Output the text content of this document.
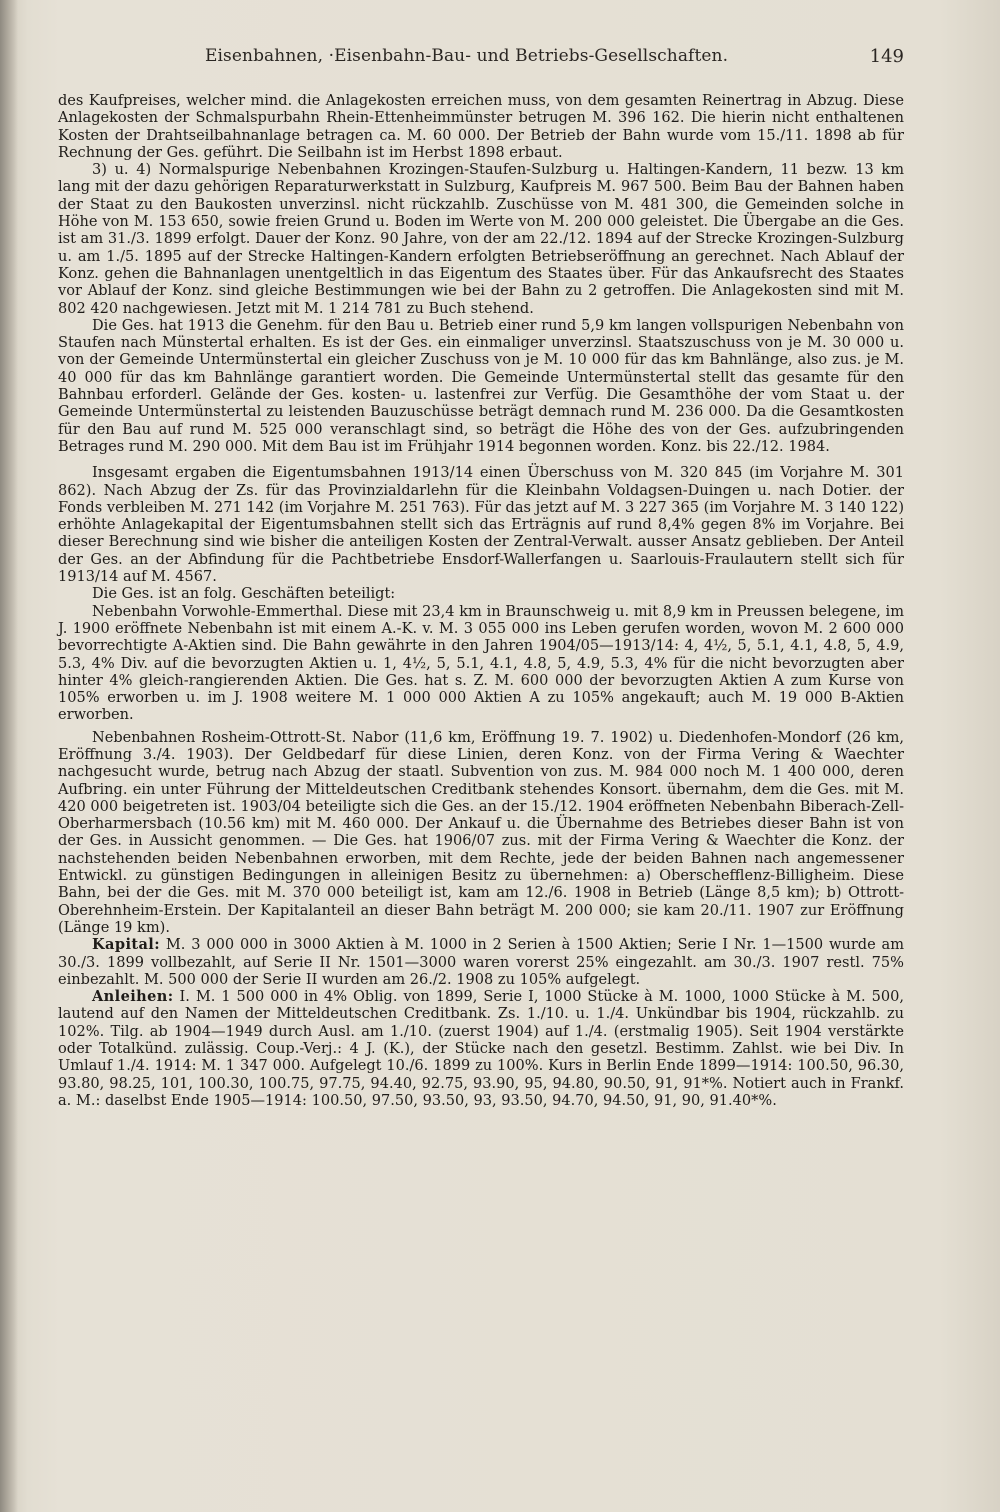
Eisenbahnen, ·Eisenbahn-Bau- und Betriebs-Gesellschaften.	149

des Kaufpreises, welcher mind. die Anlagekosten erreichen muss, von dem gesamten Reinertrag in Abzug. Diese Anlagekosten der Schmalspurbahn Rhein-Ettenheimmünster betrugen M. 396 162. Die hierin nicht enthaltenen Kosten der Drahtseilbahnanlage betragen ca. M. 60 000. Der Betrieb der Bahn wurde vom 15./11. 1898 ab für Rechnung der Ges. geführt. Die Seilbahn ist im Herbst 1898 erbaut.

3) u. 4) Normalspurige Nebenbahnen Krozingen-Staufen-Sulzburg u. Haltingen-Kandern, 11 bezw. 13 km lang mit der dazu gehörigen Reparaturwerkstatt in Sulzburg, Kaufpreis M. 967 500. Beim Bau der Bahnen haben der Staat zu den Baukosten unverzinsl. nicht rückzahlb. Zuschüsse von M. 481 300, die Gemeinden solche in Höhe von M. 153 650, sowie freien Grund u. Boden im Werte von M. 200 000 geleistet. Die Übergabe an die Ges. ist am 31./3. 1899 erfolgt. Dauer der Konz. 90 Jahre, von der am 22./12. 1894 auf der Strecke Krozingen-Sulzburg u. am 1./5. 1895 auf der Strecke Haltingen-Kandern erfolgten Betriebseröffnung an gerechnet. Nach Ablauf der Konz. gehen die Bahnanlagen unentgeltlich in das Eigentum des Staates über. Für das Ankaufsrecht des Staates vor Ablauf der Konz. sind gleiche Bestimmungen wie bei der Bahn zu 2 getroffen. Die Anlagekosten sind mit M. 802 420 nachgewiesen. Jetzt mit M. 1 214 781 zu Buch stehend.

Die Ges. hat 1913 die Genehm. für den Bau u. Betrieb einer rund 5,9 km langen vollspurigen Nebenbahn von Staufen nach Münstertal erhalten. Es ist der Ges. ein einmaliger unverzinsl. Staatszuschuss von je M. 30 000 u. von der Gemeinde Untermünstertal ein gleicher Zuschuss von je M. 10 000 für das km Bahnlänge, also zus. je M. 40 000 für das km Bahnlänge garantiert worden. Die Gemeinde Untermünstertal stellt das gesamte für den Bahnbau erforderl. Gelände der Ges. kosten- u. lastenfrei zur Verfüg. Die Gesamthöhe der vom Staat u. der Gemeinde Untermünstertal zu leistenden Bauzuschüsse beträgt demnach rund M. 236 000. Da die Gesamtkosten für den Bau auf rund M. 525 000 veranschlagt sind, so beträgt die Höhe des von der Ges. aufzubringenden Betrages rund M. 290 000. Mit dem Bau ist im Frühjahr 1914 begonnen worden. Konz. bis 22./12. 1984.

Insgesamt ergaben die Eigentumsbahnen 1913/14 einen Überschuss von M. 320 845 (im Vorjahre M. 301 862). Nach Abzug der Zs. für das Provinzialdarlehn für die Kleinbahn Voldagsen-Duingen u. nach Dotier. der Fonds verbleiben M. 271 142 (im Vorjahre M. 251 763). Für das jetzt auf M. 3 227 365 (im Vorjahre M. 3 140 122) erhöhte Anlagekapital der Eigentumsbahnen stellt sich das Erträgnis auf rund 8,4% gegen 8% im Vorjahre. Bei dieser Berechnung sind wie bisher die anteiligen Kosten der Zentral-Verwalt. ausser Ansatz geblieben. Der Anteil der Ges. an der Abfindung für die Pachtbetriebe Ensdorf-Wallerfangen u. Saarlouis-Fraulautern stellt sich für 1913/14 auf M. 4567.

Die Ges. ist an folg. Geschäften beteiligt:

Nebenbahn Vorwohle-Emmerthal. Diese mit 23,4 km in Braunschweig u. mit 8,9 km in Preussen belegene, im J. 1900 eröffnete Nebenbahn ist mit einem A.-K. v. M. 3 055 000 ins Leben gerufen worden, wovon M. 2 600 000 bevorrechtigte A-Aktien sind. Die Bahn gewährte in den Jahren 1904/05—1913/14: 4, 4½, 5, 5.1, 4.1, 4.8, 5, 4.9, 5.3, 4% Div. auf die bevorzugten Aktien u. 1, 4½, 5, 5.1, 4.1, 4.8, 5, 4.9, 5.3, 4% für die nicht bevorzugten aber hinter 4% gleich-rangierenden Aktien. Die Ges. hat s. Z. M. 600 000 der bevorzugten Aktien A zum Kurse von 105% erworben u. im J. 1908 weitere M. 1 000 000 Aktien A zu 105% angekauft; auch M. 19 000 B-Aktien erworben.

Nebenbahnen Rosheim-Ottrott-St. Nabor (11,6 km, Eröffnung 19. 7. 1902) u. Diedenhofen-Mondorf (26 km, Eröffnung 3./4. 1903). Der Geldbedarf für diese Linien, deren Konz. von der Firma Vering & Waechter nachgesucht wurde, betrug nach Abzug der staatl. Subvention von zus. M. 984 000 noch M. 1 400 000, deren Aufbring. ein unter Führung der Mitteldeutschen Creditbank stehendes Konsort. übernahm, dem die Ges. mit M. 420 000 beigetreten ist. 1903/04 beteiligte sich die Ges. an der 15./12. 1904 eröffneten Nebenbahn Biberach-Zell-Oberharmersbach (10.56 km) mit M. 460 000. Der Ankauf u. die Übernahme des Betriebes dieser Bahn ist von der Ges. in Aussicht genommen. — Die Ges. hat 1906/07 zus. mit der Firma Vering & Waechter die Konz. der nachstehenden beiden Nebenbahnen erworben, mit dem Rechte, jede der beiden Bahnen nach angemessener Entwickl. zu günstigen Bedingungen in alleinigen Besitz zu übernehmen: a) Oberschefflenz-Billigheim. Diese Bahn, bei der die Ges. mit M. 370 000 beteiligt ist, kam am 12./6. 1908 in Betrieb (Länge 8,5 km); b) Ottrott-Oberehnheim-Erstein. Der Kapitalanteil an dieser Bahn beträgt M. 200 000; sie kam 20./11. 1907 zur Eröffnung (Länge 19 km).

Kapital: M. 3 000 000 in 3000 Aktien à M. 1000 in 2 Serien à 1500 Aktien; Serie I Nr. 1—1500 wurde am 30./3. 1899 vollbezahlt, auf Serie II Nr. 1501—3000 waren vorerst 25% eingezahlt. am 30./3. 1907 restl. 75% einbezahlt. M. 500 000 der Serie II wurden am 26./2. 1908 zu 105% aufgelegt.

Anleihen: I. M. 1 500 000 in 4% Oblig. von 1899, Serie I, 1000 Stücke à M. 1000, 1000 Stücke à M. 500, lautend auf den Namen der Mitteldeutschen Creditbank. Zs. 1./10. u. 1./4. Unkündbar bis 1904, rückzahlb. zu 102%. Tilg. ab 1904—1949 durch Ausl. am 1./10. (zuerst 1904) auf 1./4. (erstmalig 1905). Seit 1904 verstärkte oder Totalkünd. zulässig. Coup.-Verj.: 4 J. (K.), der Stücke nach den gesetzl. Bestimm. Zahlst. wie bei Div. In Umlauf 1./4. 1914: M. 1 347 000. Aufgelegt 10./6. 1899 zu 100%. Kurs in Berlin Ende 1899—1914: 100.50, 96.30, 93.80, 98.25, 101, 100.30, 100.75, 97.75, 94.40, 92.75, 93.90, 95, 94.80, 90.50, 91, 91*%. Notiert auch in Frankf. a. M.: daselbst Ende 1905—1914: 100.50, 97.50, 93.50, 93, 93.50, 94.70, 94.50, 91, 90, 91.40*%.
